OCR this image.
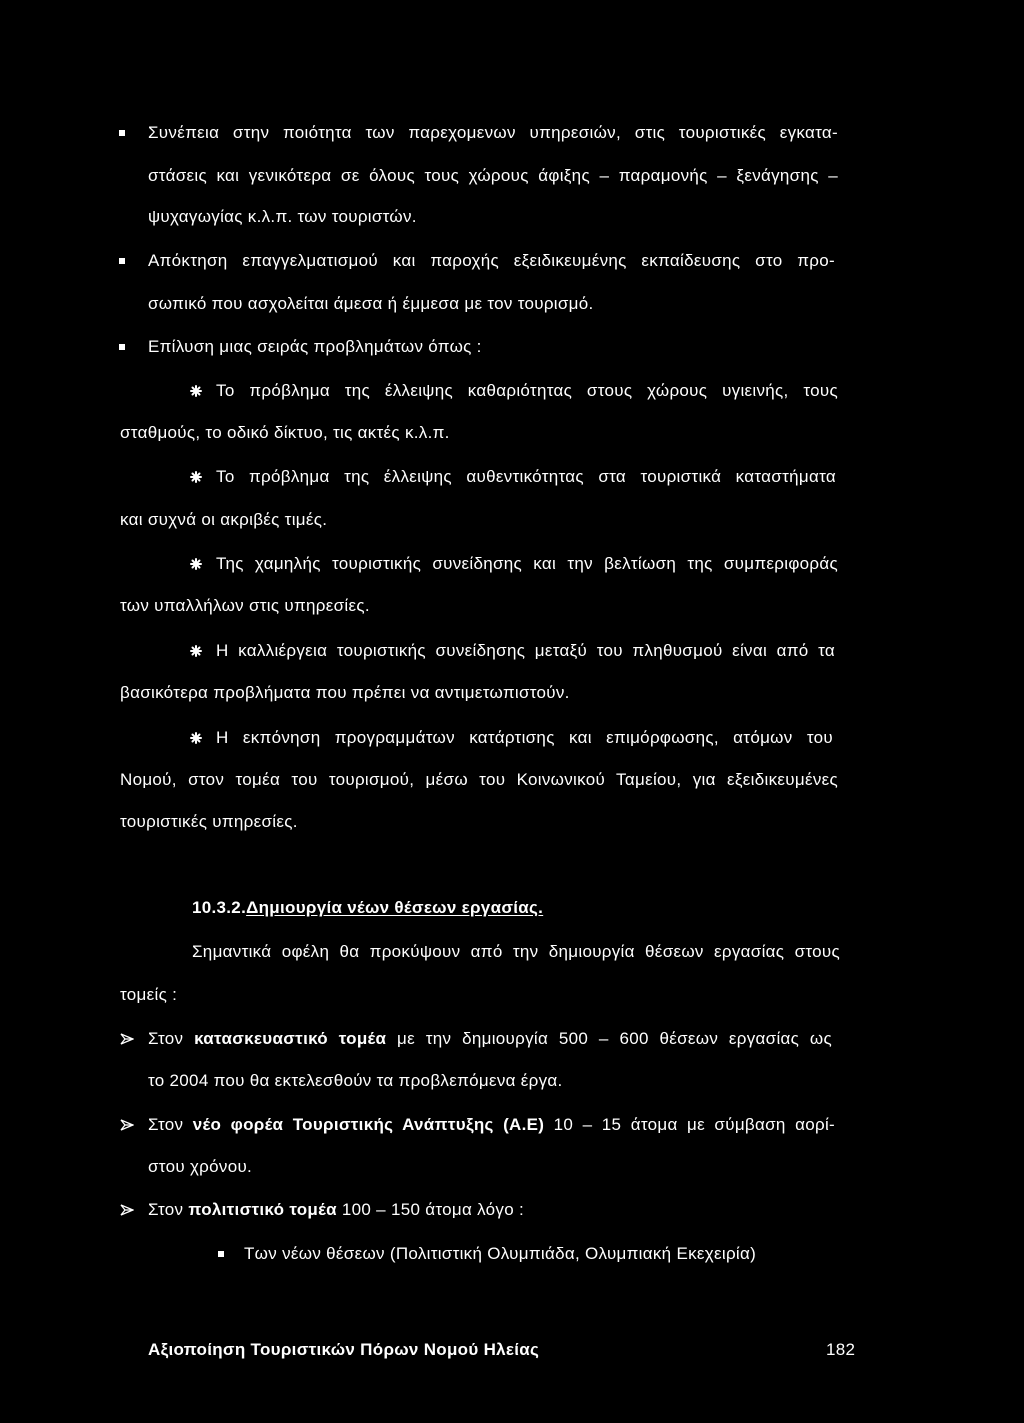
Συνέπεια στην ποιότητα των παρεχομενων υπηρεσιών, στις τουριστικές εγκατα-
στάσεις και γενικότερα σε όλους τους χώρους άφιξης – παραμονής – ξενάγησης –
ψυχαγωγίας κ.λ.π. των τουριστών.
Απόκτηση επαγγελματισμού και παροχής εξειδικευμένης εκπαίδευσης στο προ-
σωπικό που ασχολείται άμεσα ή έμμεσα με τον τουρισμό.
Επίλυση μιας σειράς προβλημάτων όπως :
Το πρόβλημα της έλλειψης καθαριότητας στους χώρους υγιεινής, τους
σταθμούς, το οδικό δίκτυο, τις ακτές κ.λ.π.
Το πρόβλημα της έλλειψης αυθεντικότητας στα τουριστικά καταστήματα
και συχνά οι ακριβές τιμές.
Της χαμηλής τουριστικής συνείδησης και την βελτίωση της συμπεριφοράς
των υπαλλήλων στις υπηρεσίες.
Η καλλιέργεια τουριστικής συνείδησης μεταξύ του πληθυσμού είναι από τα
βασικότερα προβλήματα που πρέπει να αντιμετωπιστούν.
Η εκπόνηση προγραμμάτων κατάρτισης και επιμόρφωσης, ατόμων του
Νομού, στον τομέα του τουρισμού, μέσω του Κοινωνικού Ταμείου, για εξειδικευμένες
τουριστικές υπηρεσίες.
10.3.2.Δημιουργία νέων θέσεων εργασίας.
Σημαντικά οφέλη θα προκύψουν από την δημιουργία θέσεων εργασίας στους
τομείς :
Στον κατασκευαστικό τομέα με την δημιουργία 500 – 600 θέσεων εργασίας ως
το 2004 που θα εκτελεσθούν τα προβλεπόμενα έργα.
Στον νέο φορέα Τουριστικής Ανάπτυξης (Α.Ε) 10 – 15 άτομα με σύμβαση αορί-
στου χρόνου.
Στον πολιτιστικό τομέα 100 – 150 άτομα λόγο :
Των νέων θέσεων (Πολιτιστική Ολυμπιάδα, Ολυμπιακή Εκεχειρία)
Αξιοποίηση Τουριστικών Πόρων Νομού Ηλείας	182
